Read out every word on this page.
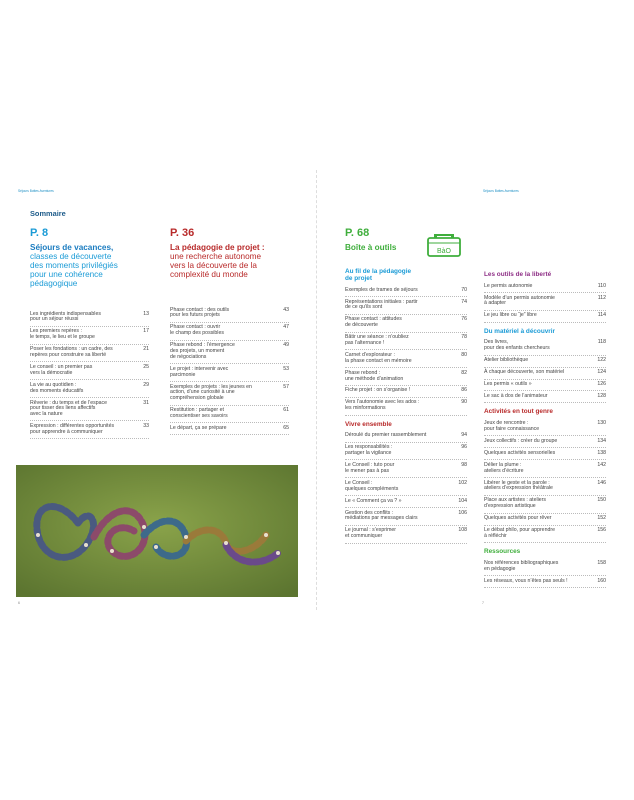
Séjours Bottes Aventures
Sommaire
P. 8
Séjours de vacances,
classes de découverte
des moments privilégiés
pour une cohérence
pédagogique
Les ingrédients indispensables
pour un séjour réussi
13
Les premiers repères :
le temps, le lieu et le groupe
17
Poser les fondations : un cadre, des
repères pour construire sa liberté
21
Le conseil : un premier pas
vers la démocratie
25
La vie au quotidien :
des moments éducatifs
29
Rêverie : du temps et de l’espace
pour tisser des liens affectifs
avec la nature
31
Expression : différentes opportunités
pour apprendre à communiquer
33
P. 36
La pédagogie de projet :
une recherche autonome
vers la découverte de la
complexité du monde
Phase contact : des outils
pour les futurs projets
43
Phase contact : ouvrir
le champ des possibles
47
Phase rebond : l’émergence
des projets, un moment
de négociations
49
Le projet : intervenir avec
parcimonie
53
Exemples de projets : les jeunes en
action, d’une curiosité à une
compréhension globale
57
Restitution : partager et
conscientiser ses savoirs
61
Le départ, ça se prépare	65
6
Séjours Bottes Aventures
P. 68
Boîte à outils
Au fil de la pédagogie
de projet
Exemples de trames de séjours	70
Représentations initiales : partir
de ce qu’ils sont
74
Phase contact : attitudes
de découverte
76
Bâtir une séance : n’oubliez
pas l’alternance !
78
Carnet d’explorateur :
la phase contact en mémoire
80
Phase rebond :
une méthode d’animation
82
Fiche projet : on s’organise !	86
Vers l’autonomie avec les ados :
les minformations
90
Vivre ensemble
Déroulé du premier rassemblement	94
Les responsabilités :
partager la vigilance
96
Le Conseil : tuto pour
le mener pas à pas
98
Le Conseil :
quelques compléments
102
Le « Comment ça va ? »	104
Gestion des conflits :
médiations par messages clairs
106
Le journal : s’exprimer
et communiquer
108
Les outils de la liberté
Le permis autonomie	110
Modèle d’un permis autonomie
à adapter
112
Le jeu libre ou “je” libre	114
Du matériel à découvrir
Des livres,
pour des enfants chercheurs
118
Atelier bibliothèque	122
À chaque découverte, son matériel	124
Les permis « outils »	126
Le sac à dos de l’animateur	128
Activités en tout genre
Jeux de rencontre :
pour faire connaissance
130
Jeux collectifs : créer du groupe	134
Quelques activités sensorielles	138
Délier la plume :
ateliers d’écriture
142
Libérer le geste et la parole :
ateliers d’expression théâtrale
146
Place aux artistes : ateliers
d’expression artistique
150
Quelques activités pour rêver	152
Le débat philo, pour apprendre
à réfléchir
156
Ressources
Nos références bibliographiques
en pédagogie
158
Les réseaux, vous n’êtes pas seuls !	160
7
BàO
